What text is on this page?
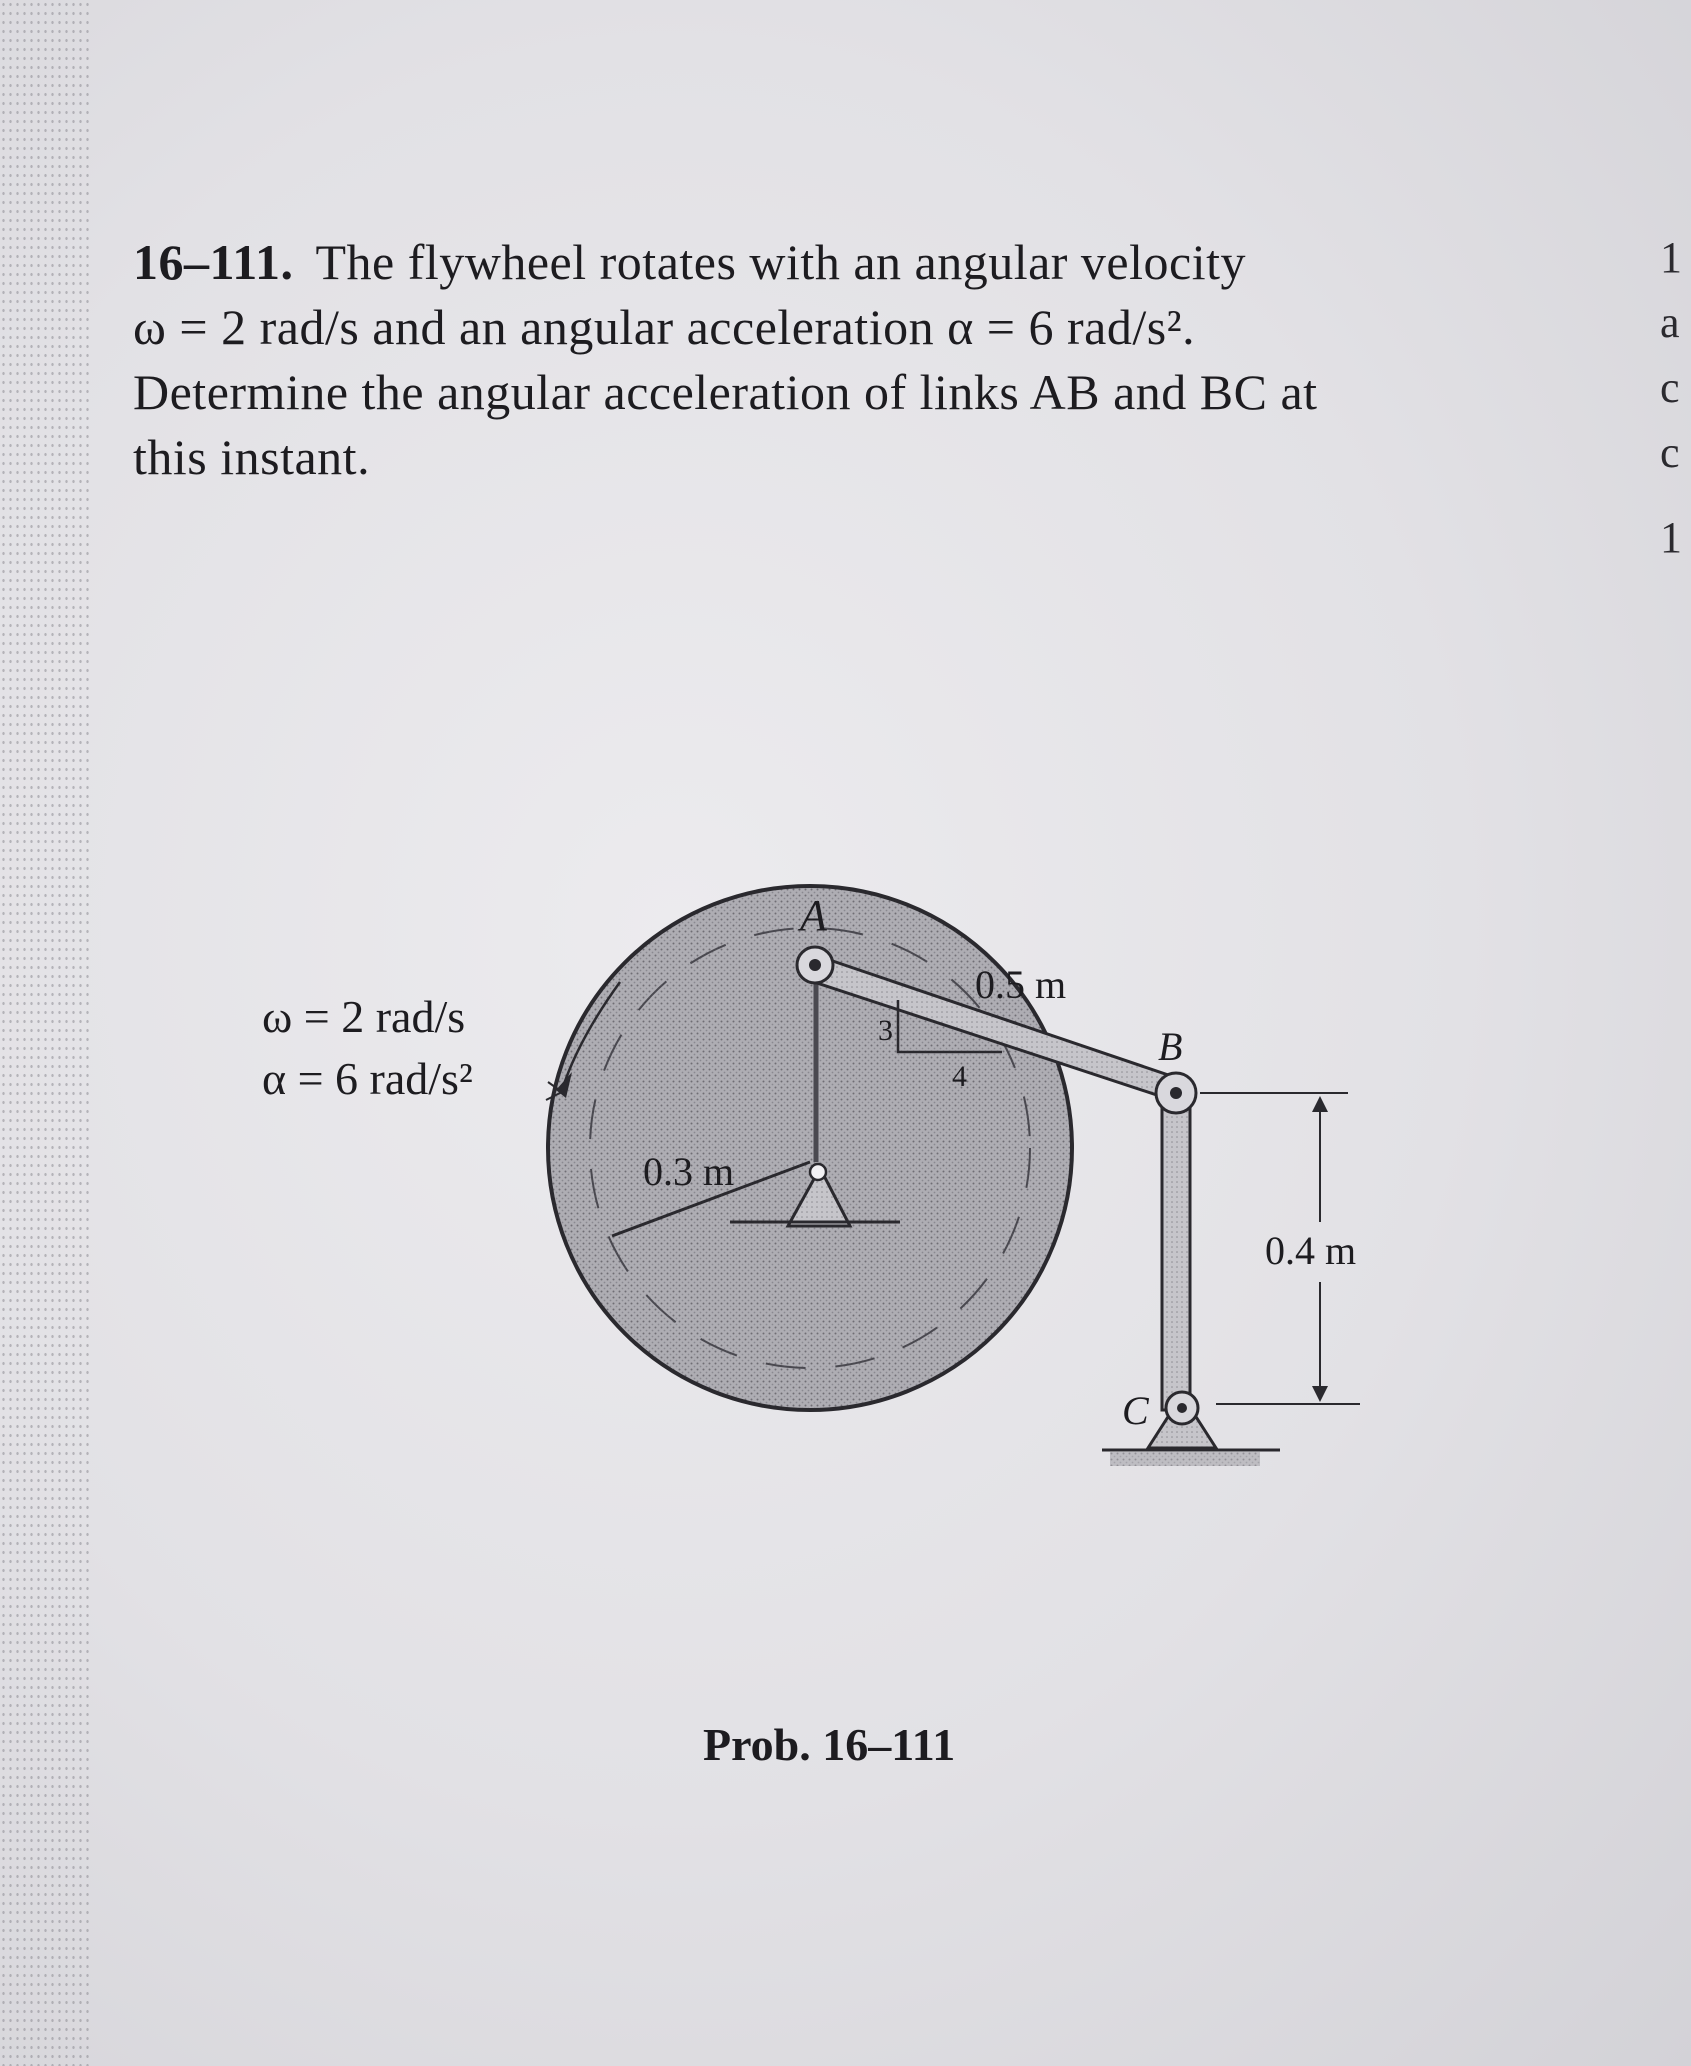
16–111. The flywheel rotates with an angular velocity

ω = 2 rad/s and an angular acceleration α = 6 rad/s².

Determine the angular acceleration of links AB and BC at

this instant.

1
a
c
c
1
ω = 2 rad/s
α = 6 rad/s²
A
B
C
0.5 m
0.3 m
0.4 m
3
4
Prob. 16–111
